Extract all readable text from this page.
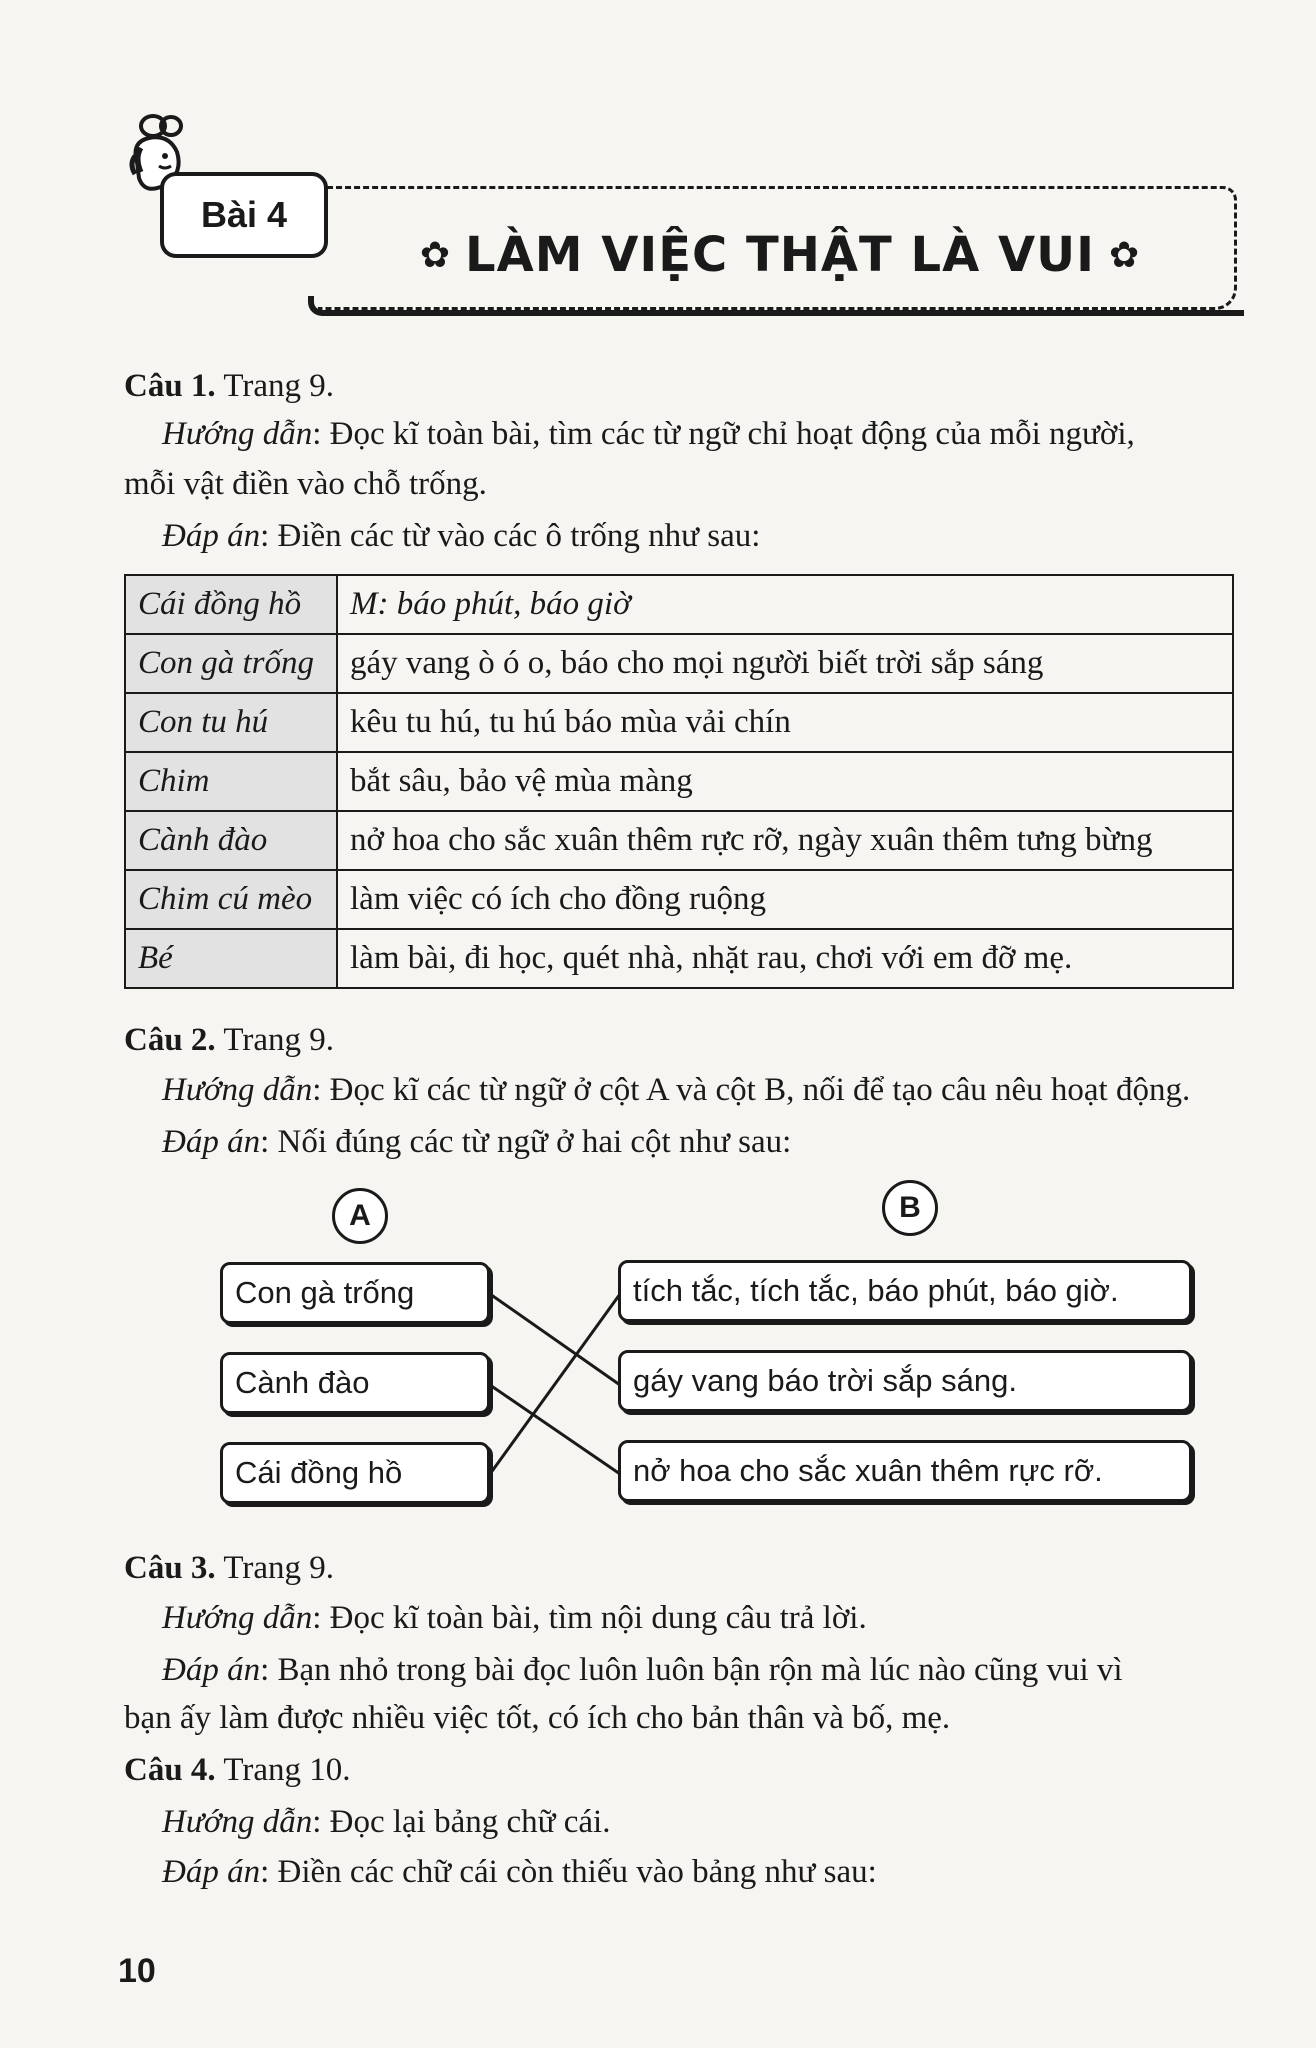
Bài 4
✿ LÀM VIỆC THẬT LÀ VUI ✿
Câu 1. Trang 9.
Hướng dẫn: Đọc kĩ toàn bài, tìm các từ ngữ chỉ hoạt động của mỗi người,
mỗi vật điền vào chỗ trống.
Đáp án: Điền các từ vào các ô trống như sau:
Cái đồng hồ	M: báo phút, báo giờ
Con gà trống	gáy vang ò ó o, báo cho mọi người biết trời sắp sáng
Con tu hú	kêu tu hú, tu hú báo mùa vải chín
Chim	bắt sâu, bảo vệ mùa màng
Cành đào	nở hoa cho sắc xuân thêm rực rỡ, ngày xuân thêm tưng bừng
Chim cú mèo	làm việc có ích cho đồng ruộng
Bé	làm bài, đi học, quét nhà, nhặt rau, chơi với em đỡ mẹ.
Câu 2. Trang 9.
Hướng dẫn: Đọc kĩ các từ ngữ ở cột A và cột B, nối để tạo câu nêu hoạt động.
Đáp án: Nối đúng các từ ngữ ở hai cột như sau:
A	B
Con gà trống
Cành đào
Cái đồng hồ
tích tắc, tích tắc, báo phút, báo giờ.
gáy vang báo trời sắp sáng.
nở hoa cho sắc xuân thêm rực rỡ.
Câu 3. Trang 9.
Hướng dẫn: Đọc kĩ toàn bài, tìm nội dung câu trả lời.
Đáp án: Bạn nhỏ trong bài đọc luôn luôn bận rộn mà lúc nào cũng vui vì
bạn ấy làm được nhiều việc tốt, có ích cho bản thân và bố, mẹ.
Câu 4. Trang 10.
Hướng dẫn: Đọc lại bảng chữ cái.
Đáp án: Điền các chữ cái còn thiếu vào bảng như sau:
10
